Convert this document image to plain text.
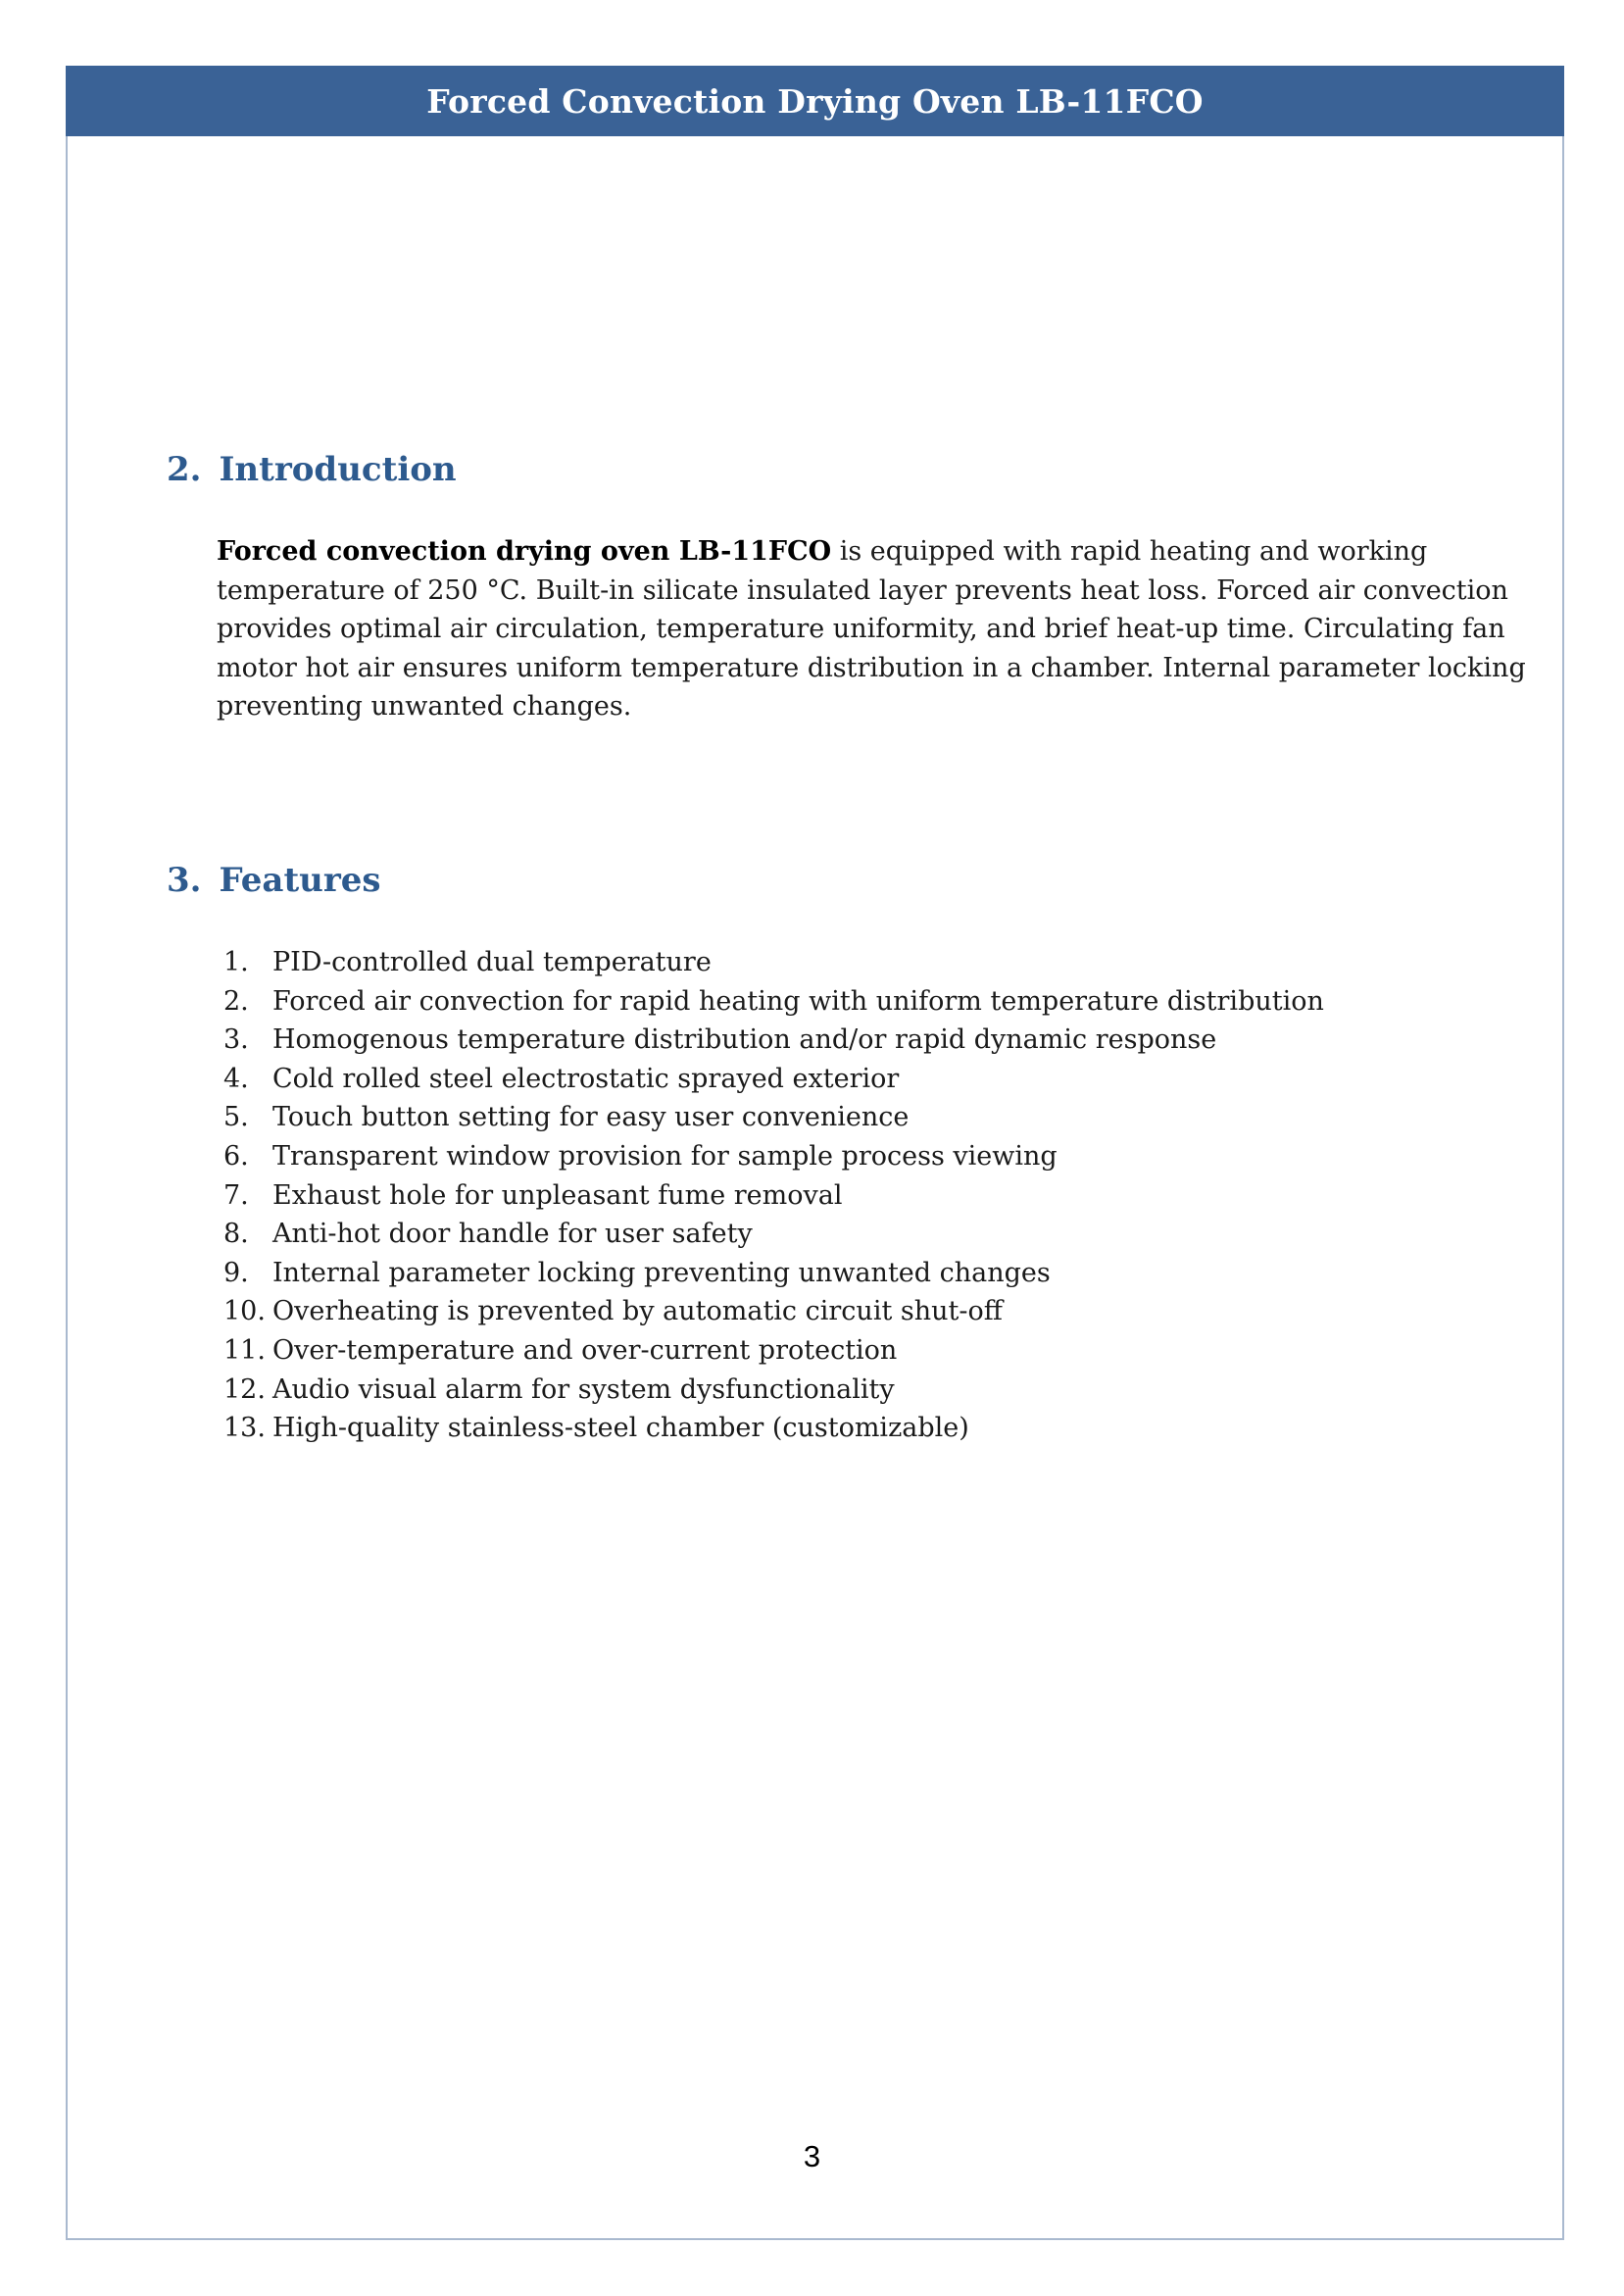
Forced Convection Drying Oven LB-11FCO
2. Introduction

Forced convection drying oven LB-11FCO is equipped with rapid heating and working temperature of 250 °C. Built-in silicate insulated layer prevents heat loss. Forced air convection provides optimal air circulation, temperature uniformity, and brief heat-up time. Circulating fan motor hot air ensures uniform temperature distribution in a chamber. Internal parameter locking preventing unwanted changes.

3. Features
1. PID-controlled dual temperature
2. Forced air convection for rapid heating with uniform temperature distribution
3. Homogenous temperature distribution and/or rapid dynamic response
4. Cold rolled steel electrostatic sprayed exterior
5. Touch button setting for easy user convenience
6. Transparent window provision for sample process viewing
7. Exhaust hole for unpleasant fume removal
8. Anti-hot door handle for user safety
9. Internal parameter locking preventing unwanted changes
10. Overheating is prevented by automatic circuit shut-off
11. Over-temperature and over-current protection
12. Audio visual alarm for system dysfunctionality
13. High-quality stainless-steel chamber (customizable)
3
